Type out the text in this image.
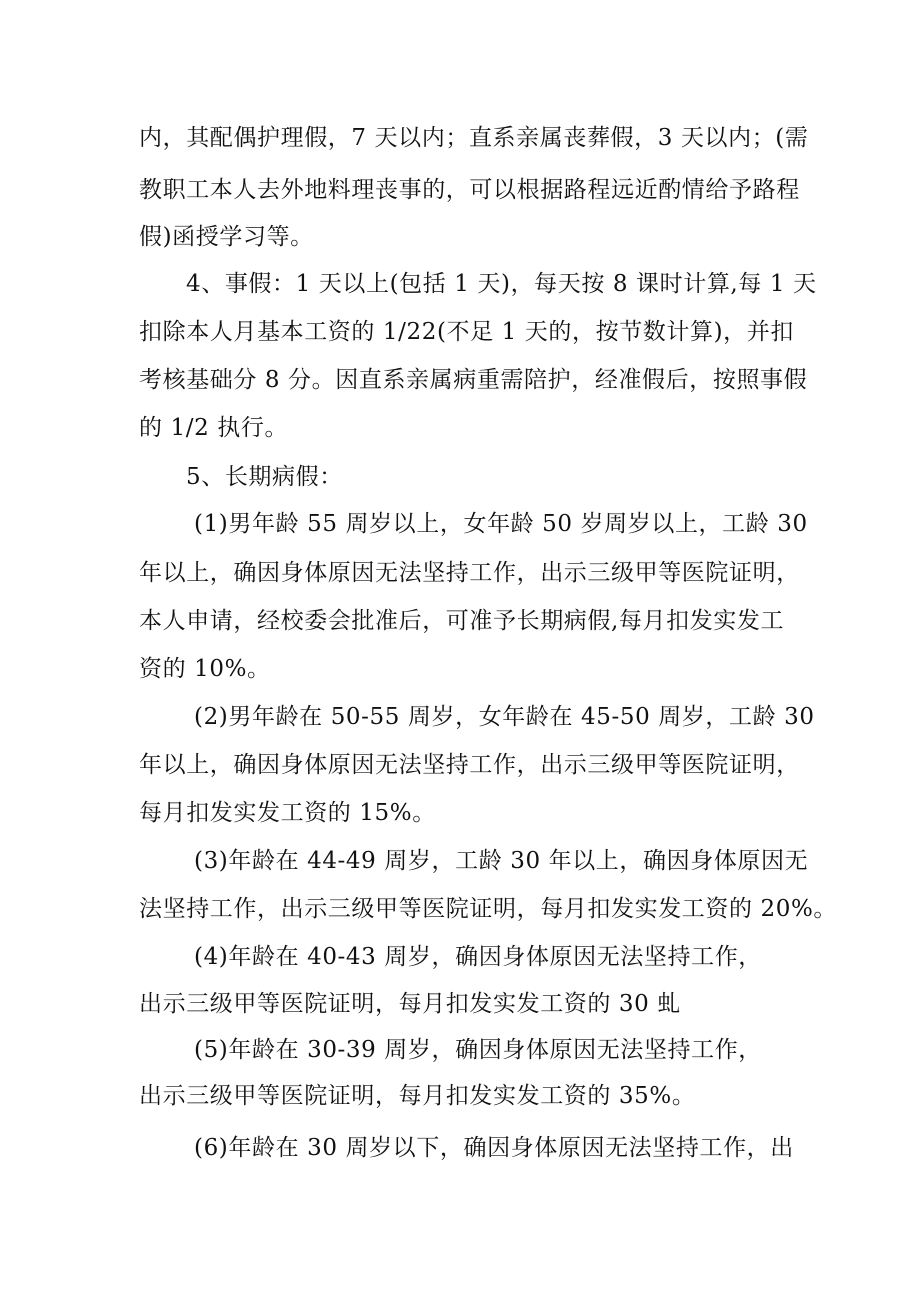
内，其配偶护理假，7 天以内；直系亲属丧葬假，3 天以内；(需
教职工本人去外地料理丧事的，可以根据路程远近酌情给予路程
假)函授学习等。
4、事假：1 天以上(包括 1 天)，每天按 8 课时计算,每 1 天
扣除本人月基本工资的 1/22(不足 1 天的，按节数计算)，并扣
考核基础分 8 分。因直系亲属病重需陪护，经准假后，按照事假
的 1/2 执行。
5、长期病假：
(1)男年龄 55 周岁以上，女年龄 50 岁周岁以上，工龄 30
年以上，确因身体原因无法坚持工作，出示三级甲等医院证明，
本人申请，经校委会批准后，可准予长期病假,每月扣发实发工
资的 10%。
(2)男年龄在 50-55 周岁，女年龄在 45-50 周岁，工龄 30
年以上，确因身体原因无法坚持工作，出示三级甲等医院证明，
每月扣发实发工资的 15%。
(3)年龄在 44-49 周岁，工龄 30 年以上，确因身体原因无
法坚持工作，出示三级甲等医院证明，每月扣发实发工资的 20%。
(4)年龄在 40-43 周岁，确因身体原因无法坚持工作，
出示三级甲等医院证明，每月扣发实发工资的 30 虬
(5)年龄在 30-39 周岁，确因身体原因无法坚持工作，
出示三级甲等医院证明，每月扣发实发工资的 35%。
(6)年龄在 30 周岁以下，确因身体原因无法坚持工作，出
